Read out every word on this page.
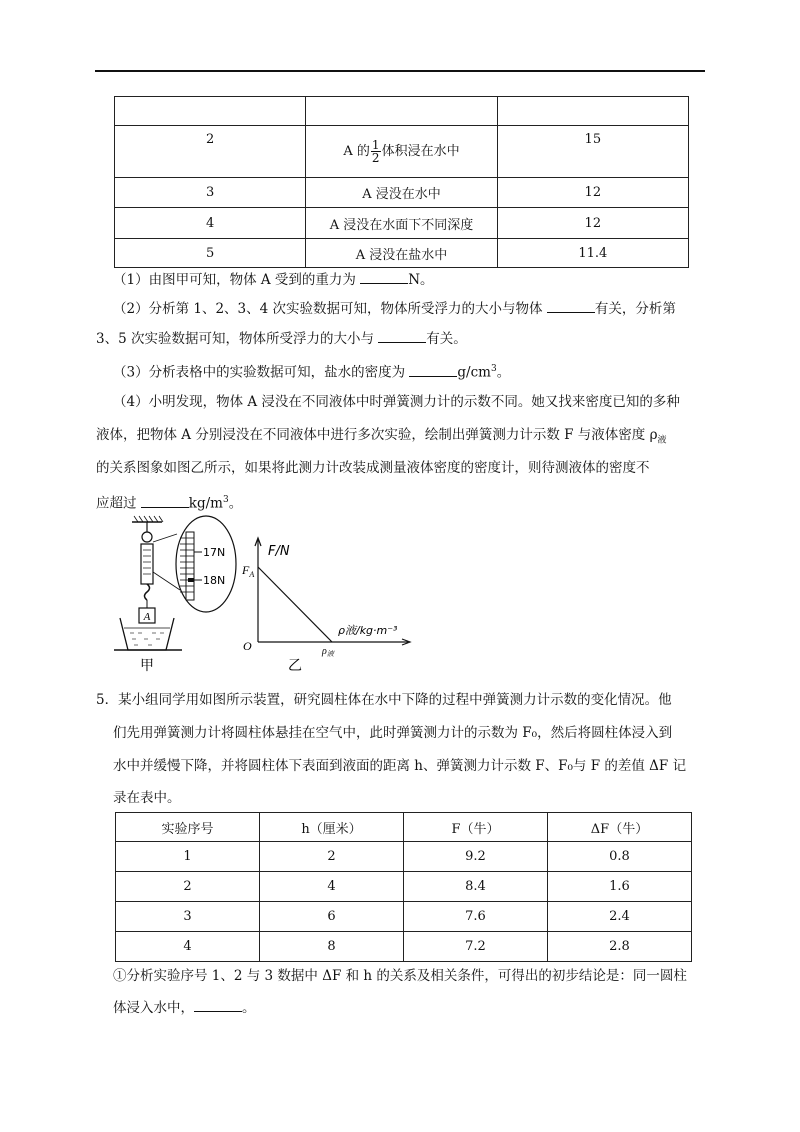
2	A 的 $\frac{1}{2}$ 体积浸在水中	15
3	A 浸没在水中	12
4	A 浸没在水面下不同深度	12
5	A 浸没在盐水中	11.4
（1）由图甲可知，物体 A 受到的重力为	N。
（2）分析第 1、2、3、4 次实验数据可知，物体所受浮力的大小与物体	有关，分析第
3、5 次实验数据可知，物体所受浮力的大小与	有关。
（3）分析表格中的实验数据可知，盐水的密度为	$g/cm^3$。
（4）小明发现，物体 A 浸没在不同液体中时弹簧测力计的示数不同。她又找来密度已知的多种
液体，把物体 A 分别浸没在不同液体中进行多次实验，绘制出弹簧测力计示数 F 与液体密度 $\rho_液$
的关系图象如图乙所示，如果将此测力计改装成测量液体密度的密度计，则待测液体的密度不
应超过	$kg/m^3$。
A
甲
17N
18N
F/N
$F_A$
ρ液/kg·m⁻³
O	$\rho_液$
乙
5．某小组同学用如图所示装置，研究圆柱体在水中下降的过程中弹簧测力计示数的变化情况。他
们先用弹簧测力计将圆柱体悬挂在空气中，此时弹簧测力计的示数为 F₀，然后将圆柱体浸入到
水中并缓慢下降，并将圆柱体下表面到液面的距离 h、弹簧测力计示数 F、F₀与 F 的差值 ΔF 记
录在表中。
实验序号	h（厘米）	F（牛）	ΔF（牛）
1	2	9.2	0.8
2	4	8.4	1.6
3	6	7.6	2.4
4	8	7.2	2.8
①分析实验序号 1、2 与 3 数据中 ΔF 和 h 的关系及相关条件，可得出的初步结论是：同一圆柱
体浸入水中，	。
